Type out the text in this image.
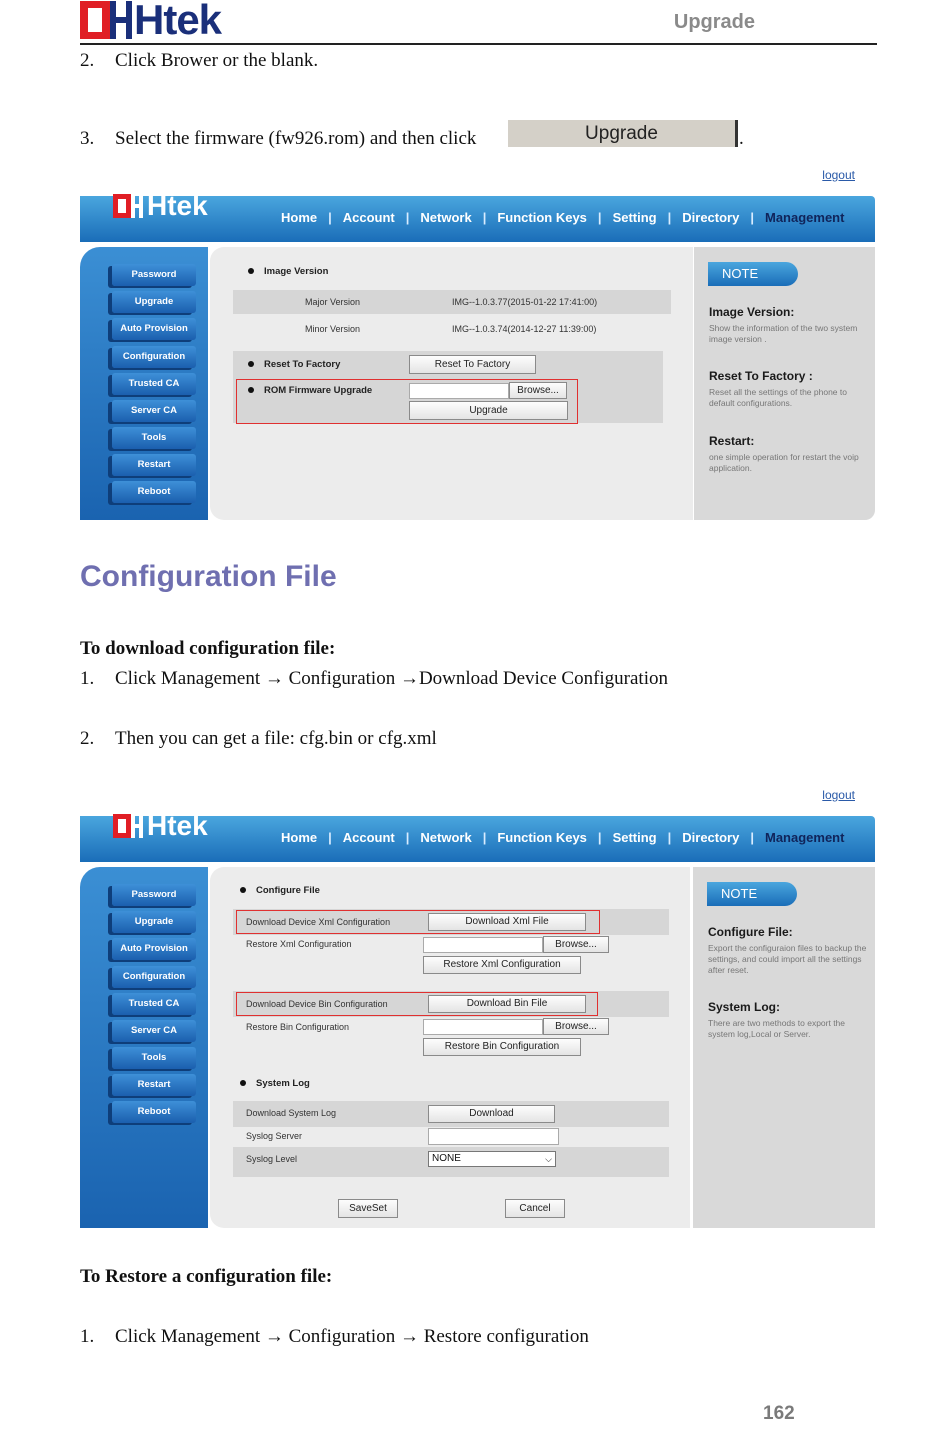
Htek	Upgrade
2. Click Brower or the blank.
3. Select the firmware (fw926.rom) and then click	Upgrade	.
logout
Htek	Home | Account | Network | Function Keys | Setting | Directory | Management
Password
Upgrade
Auto Provision
Configuration
Trusted CA
Server CA
Tools
Restart
Reboot
Image Version
Major Version	IMG--1.0.3.77(2015-01-22 17:41:00)
Minor Version	IMG--1.0.3.74(2014-12-27 11:39:00)
Reset To Factory	Reset To Factory
ROM Firmware Upgrade	Browse...
Upgrade
NOTE
Image Version:
Show the information of the two system image version .
Reset To Factory :
Reset all the settings of the phone to default configurations.
Restart:
one simple operation for restart the voip application.
Configuration File
To download configuration file:
1. Click Management → Configuration →Download Device Configuration
2. Then you can get a file: cfg.bin or cfg.xml
logout
Htek	Home | Account | Network | Function Keys | Setting | Directory | Management
Password
Upgrade
Auto Provision
Configuration
Trusted CA
Server CA
Tools
Restart
Reboot
Configure File
Download Device Xml Configuration	Download Xml File
Restore Xml Configuration	Browse...
Restore Xml Configuration
Download Device Bin Configuration	Download Bin File
Restore Bin Configuration	Browse...
Restore Bin Configuration
System Log
Download System Log	Download
Syslog Server
Syslog Level	NONE	⌵
SaveSet	Cancel
NOTE
Configure File:
Export the configuraion files to backup the settings, and could import all the settings after reset.
System Log:
There are two methods to export the system log,Local or Server.
To Restore a configuration file:
1. Click Management → Configuration → Restore configuration
162
